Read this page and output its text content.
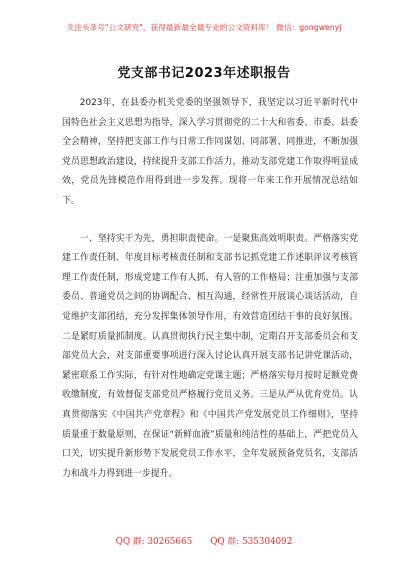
关注头条号"公文研究"，获得最新最全最专业的公文资料库！ 微信：gongwenyj
党支部书记2023年述职报告

2023年，在县委办机关党委的坚强领导下，我坚定以习近平新时代中国特色社会主义思想为指导，深入学习贯彻党的二十大和省委、市委、县委全会精神，坚持把支部工作与日常工作同谋划、同部署、同推进，不断加强党员思想政治建设，持续提升支部工作活力，推动支部党建工作取得明显成效，党员先锋模范作用得到进一步发挥。现将一年来工作开展情况总结如下。

一、坚持实干为先，勇担职责使命。一是聚焦高效明职责。严格落实党建工作责任制、年度目标考核责任制和支部书记抓党建工作述职评议考核管理工作责任制，形成党建工作有人抓、有人管的工作格局；注重加强与支部委员、普通党员之间的协调配合、相互沟通，经常性开展谈心谈话活动，自觉维护支部团结，充分发挥集体领导作用，有效营造团结干事的良好氛围。二是紧盯质量抓制度。认真贯彻执行民主集中制，定期召开支部委员会和支部党员大会，对支部重要事项进行深入讨论认真开展支部书记讲党课活动，紧密联系工作实际，有针对性地确定党课主题；严格落实每月按时足额党费收缴制度，有效督促支部党员严格履行党员义务。三是从严从优育党员。认真贯彻落实《中国共产党章程》和《中国共产党发展党员工作细则》，坚持质量重于数量原则，在保证“新鲜血液”质量和纯洁性的基础上，严把党员入口关，切实提升新形势下发展党员工作水平，全年发展预备党员名，支部活力和战斗力得到进一步提升。

QQ 群: 30265665 QQ 群: 535304092
